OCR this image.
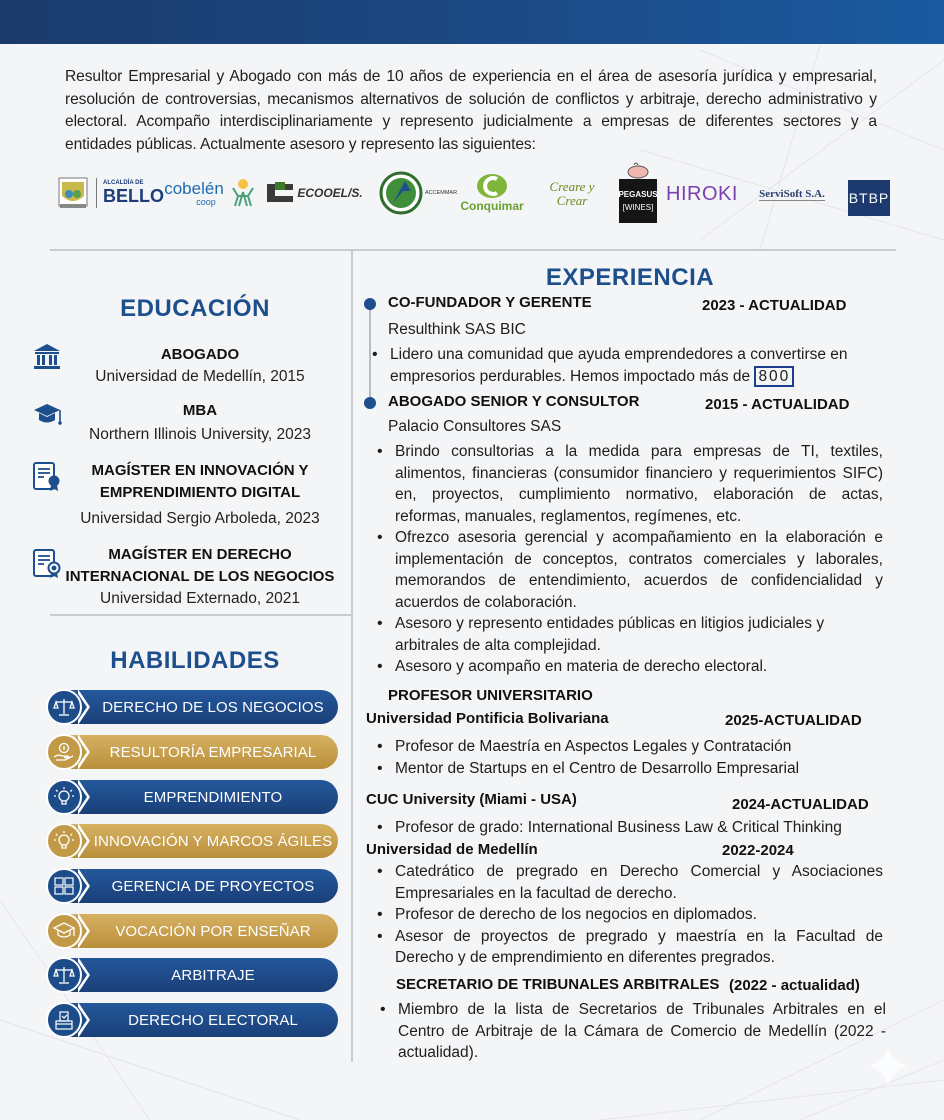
Resultor Empresarial y Abogado con más de 10 años de experiencia en el área de asesoría jurídica y empresarial, resolución de controversias, mecanismos alternativos de solución de conflictos y arbitraje, derecho administrativo y electoral. Acompaño interdisciplinariamente y represento judicialmente a empresas de diferentes sectores y a entidades públicas. Actualmente asesoro y represento las siguientes:

ALCALDÍA DE
BELLO cobelén
coop
ECOOEL/S.	ACCEMMAR
Conquimar
Creare y Crear	PEGASUS
[WINES]
HIROKI ServiSoft S.A. BTBP
EDUCACIÓN
ABOGADO
Universidad de Medellín, 2015
MBA
Northern Illinois University, 2023
MAGÍSTER EN INNOVACIÓN Y
EMPRENDIMIENTO DIGITAL
Universidad Sergio Arboleda, 2023
MAGÍSTER EN DERECHO
INTERNACIONAL DE LOS NEGOCIOS
Universidad Externado, 2021
HABILIDADES
DERECHO DE LOS NEGOCIOS
RESULTORÍA EMPRESARIAL
EMPRENDIMIENTO
INNOVACIÓN Y MARCOS ÁGILES
GERENCIA DE PROYECTOS
VOCACIÓN POR ENSEÑAR
ARBITRAJE
DERECHO ELECTORAL
EXPERIENCIA
CO-FUNDADOR Y GERENTE	2023 - ACTUALIDAD
Resulthink SAS BIC
• Lidero una comunidad que ayuda emprendedores a convertirse en empresorios perdurables. Hemos impoctado más de 800
ABOGADO SENIOR Y CONSULTOR	2015 - ACTUALIDAD
Palacio Consultores SAS
• Brindo consultorias a la medida para empresas de TI, textiles, alimentos, financieras (consumidor financiero y requerimientos SIFC) en, proyectos, cumplimiento normativo, elaboración de actas, reformas, manuales, reglamentos, regímenes, etc.
• Ofrezco asesoria gerencial y acompañamiento en la elaboración e implementación de conceptos, contratos comerciales y laborales, memorandos de entendimiento, acuerdos de confidencialidad y acuerdos de colaboración.
• Asesoro y represento entidades públicas en litigios judiciales y arbitrales de alta complejidad.
• Asesoro y acompaño en materia de derecho electoral.
PROFESOR UNIVERSITARIO
Universidad Pontificia Bolivariana	2025-ACTUALIDAD
• Profesor de Maestría en Aspectos Legales y Contratación
• Mentor de Startups en el Centro de Desarrollo Empresarial
CUC University (Miami - USA)	2024-ACTUALIDAD
• Profesor de grado: International Business Law & Critical Thinking
Universidad de Medellín	2022-2024
• Catedrático de pregrado en Derecho Comercial y Asociaciones Empresariales en la facultad de derecho.
• Profesor de derecho de los negocios en diplomados.
• Asesor de proyectos de pregrado y maestría en la Facultad de Derecho y de emprendimiento en diferentes pregrados.
SECRETARIO DE TRIBUNALES ARBITRALES (2022 - actualidad)
• Miembro de la lista de Secretarios de Tribunales Arbitrales en el Centro de Arbitraje de la Cámara de Comercio de Medellín (2022 - actualidad).
